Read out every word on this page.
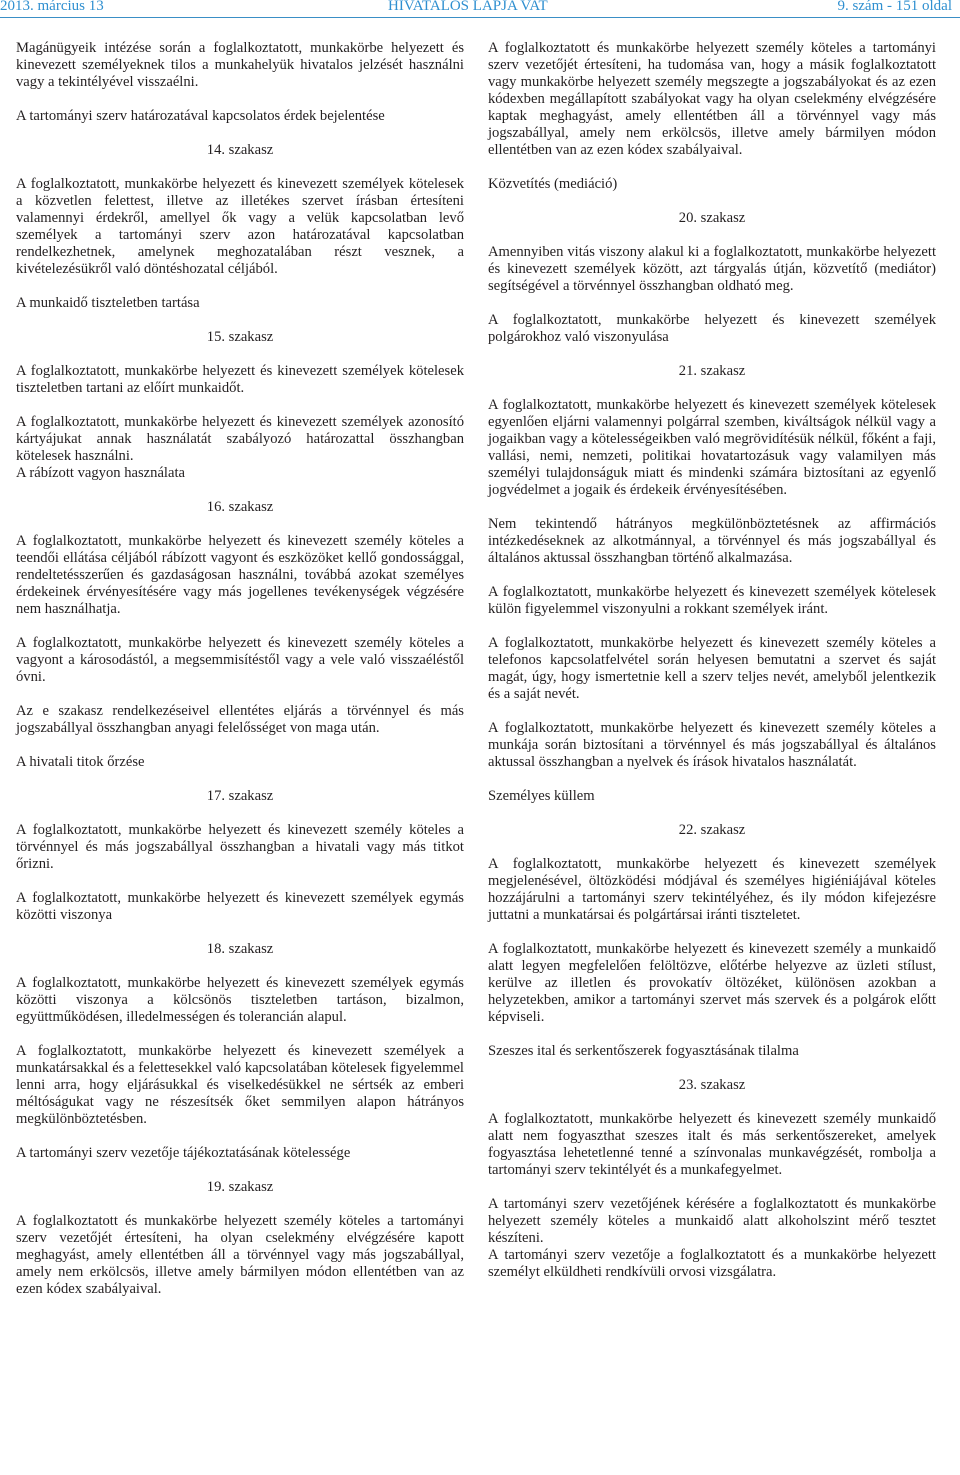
2013. március 13	HIVATALOS LAPJA VAT	9. szám - 151 oldal

Magánügyeik intézése során a foglalkoztatott, munkakörbe helyezett és kinevezett személyeknek tilos a munkahelyük hivatalos jelzését használni vagy a tekintélyével visszaélni.

A tartományi szerv határozatával kapcsolatos érdek bejelentése
14. szakasz

A foglalkoztatott, munkakörbe helyezett és kinevezett személyek kötelesek a közvetlen felettest, illetve az illetékes szervet írásban értesíteni valamennyi érdekről, amellyel ők vagy a velük kapcsolatban levő személyek a tartományi szerv azon határozatával kapcsolatban rendelkezhetnek, amelynek meghozatalában részt vesznek, a kivételezésükről való döntéshozatal céljából.

A munkaidő tiszteletben tartása
15. szakasz

A foglalkoztatott, munkakörbe helyezett és kinevezett személyek kötelesek tiszteletben tartani az előírt munkaidőt.

A foglalkoztatott, munkakörbe helyezett és kinevezett személyek azonosító kártyájukat annak használatát szabályozó határozattal összhangban kötelesek használni.

A rábízott vagyon használata
16. szakasz

A foglalkoztatott, munkakörbe helyezett és kinevezett személy köteles a teendői ellátása céljából rábízott vagyont és eszközöket kellő gondossággal, rendeltetésszerűen és gazdaságosan használni, továbbá azokat személyes érdekeinek érvényesítésére vagy más jogellenes tevékenységek végzésére nem használhatja.

A foglalkoztatott, munkakörbe helyezett és kinevezett személy köteles a vagyont a károsodástól, a megsemmisítéstől vagy a vele való visszaéléstől óvni.

Az e szakasz rendelkezéseivel ellentétes eljárás a törvénnyel és más jogszabállyal összhangban anyagi felelősséget von maga után.

A hivatali titok őrzése
17. szakasz

A foglalkoztatott, munkakörbe helyezett és kinevezett személy köteles a törvénnyel és más jogszabállyal összhangban a hivatali vagy más titkot őrizni.

A foglalkoztatott, munkakörbe helyezett és kinevezett személyek egymás közötti viszonya

18. szakasz

A foglalkoztatott, munkakörbe helyezett és kinevezett személyek egymás közötti viszonya a kölcsönös tiszteletben tartáson, bizalmon, együttműködésen, illedelmességen és tolerancián alapul.

A foglalkoztatott, munkakörbe helyezett és kinevezett személyek a munkatársakkal és a felettesekkel való kapcsolatában kötelesek figyelemmel lenni arra, hogy eljárásukkal és viselkedésükkel ne sértsék az emberi méltóságukat vagy ne részesítsék őket semmilyen alapon hátrányos megkülönböztetésben.

A tartományi szerv vezetője tájékoztatásának kötelessége
19. szakasz

A foglalkoztatott és munkakörbe helyezett személy köteles a tartományi szerv vezetőjét értesíteni, ha olyan cselekmény elvégzésére kapott meghagyást, amely ellentétben áll a törvénnyel vagy más jogszabállyal, amely nem erkölcsös, illetve amely bármilyen módon ellentétben van az ezen kódex szabályaival.

A foglalkoztatott és munkakörbe helyezett személy köteles a tartományi szerv vezetőjét értesíteni, ha tudomása van, hogy a másik foglalkoztatott vagy munkakörbe helyezett személy megszegte a jogszabályokat és az ezen kódexben megállapított szabályokat vagy ha olyan cselekmény elvégzésére kaptak meghagyást, amely ellentétben áll a törvénnyel vagy más jogszabállyal, amely nem erkölcsös, illetve amely bármilyen módon ellentétben van az ezen kódex szabályaival.

Közvetítés (mediáció)
20. szakasz

Amennyiben vitás viszony alakul ki a foglalkoztatott, munkakörbe helyezett és kinevezett személyek között, azt tárgyalás útján, közvetítő (mediátor) segítségével a törvénnyel összhangban oldható meg.

A foglalkoztatott, munkakörbe helyezett és kinevezett személyek polgárokhoz való viszonyulása

21. szakasz

A foglalkoztatott, munkakörbe helyezett és kinevezett személyek kötelesek egyenlően eljárni valamennyi polgárral szemben, kiváltságok nélkül vagy a jogaikban vagy a kötelességeikben való megrövidítésük nélkül, főként a faji, vallási, nemi, nemzeti, politikai hovatartozásuk vagy valamilyen más személyi tulajdonságuk miatt és mindenki számára biztosítani az egyenlő jogvédelmet a jogaik és érdekeik érvényesítésében.

Nem tekintendő hátrányos megkülönböztetésnek az affirmációs intézkedéseknek az alkotmánnyal, a törvénnyel és más jogszabállyal és általános aktussal összhangban történő alkalmazása.

A foglalkoztatott, munkakörbe helyezett és kinevezett személyek kötelesek külön figyelemmel viszonyulni a rokkant személyek iránt.

A foglalkoztatott, munkakörbe helyezett és kinevezett személy köteles a telefonos kapcsolatfelvétel során helyesen bemutatni a szervet és saját magát, úgy, hogy ismertetnie kell a szerv teljes nevét, amelyből jelentkezik és a saját nevét.

A foglalkoztatott, munkakörbe helyezett és kinevezett személy köteles a munkája során biztosítani a törvénnyel és más jogszabállyal és általános aktussal összhangban a nyelvek és írások hivatalos használatát.

Személyes küllem
22. szakasz

A foglalkoztatott, munkakörbe helyezett és kinevezett személyek megjelenésével, öltözködési módjával és személyes higiéniájával köteles hozzájárulni a tartományi szerv tekintélyéhez, és ily módon kifejezésre juttatni a munkatársai és polgártársai iránti tiszteletet.

A foglalkoztatott, munkakörbe helyezett és kinevezett személy a munkaidő alatt legyen megfelelően felöltözve, előtérbe helyezve az üzleti stílust, kerülve az illetlen és provokatív öltözéket, különösen azokban a helyzetekben, amikor a tartományi szervet más szervek és a polgárok előtt képviseli.

Szeszes ital és serkentőszerek fogyasztásának tilalma
23. szakasz

A foglalkoztatott, munkakörbe helyezett és kinevezett személy munkaidő alatt nem fogyaszthat szeszes italt és más serkentőszereket, amelyek fogyasztása lehetetlenné tenné a színvonalas munkavégzését, rombolja a tartományi szerv tekintélyét és a munkafegyelmet.

A tartományi szerv vezetőjének kérésére a foglalkoztatott és munkakörbe helyezett személy köteles a munkaidő alatt alkoholszint mérő tesztet készíteni.

A tartományi szerv vezetője a foglalkoztatott és a munkakörbe helyezett személyt elküldheti rendkívüli orvosi vizsgálatra.
